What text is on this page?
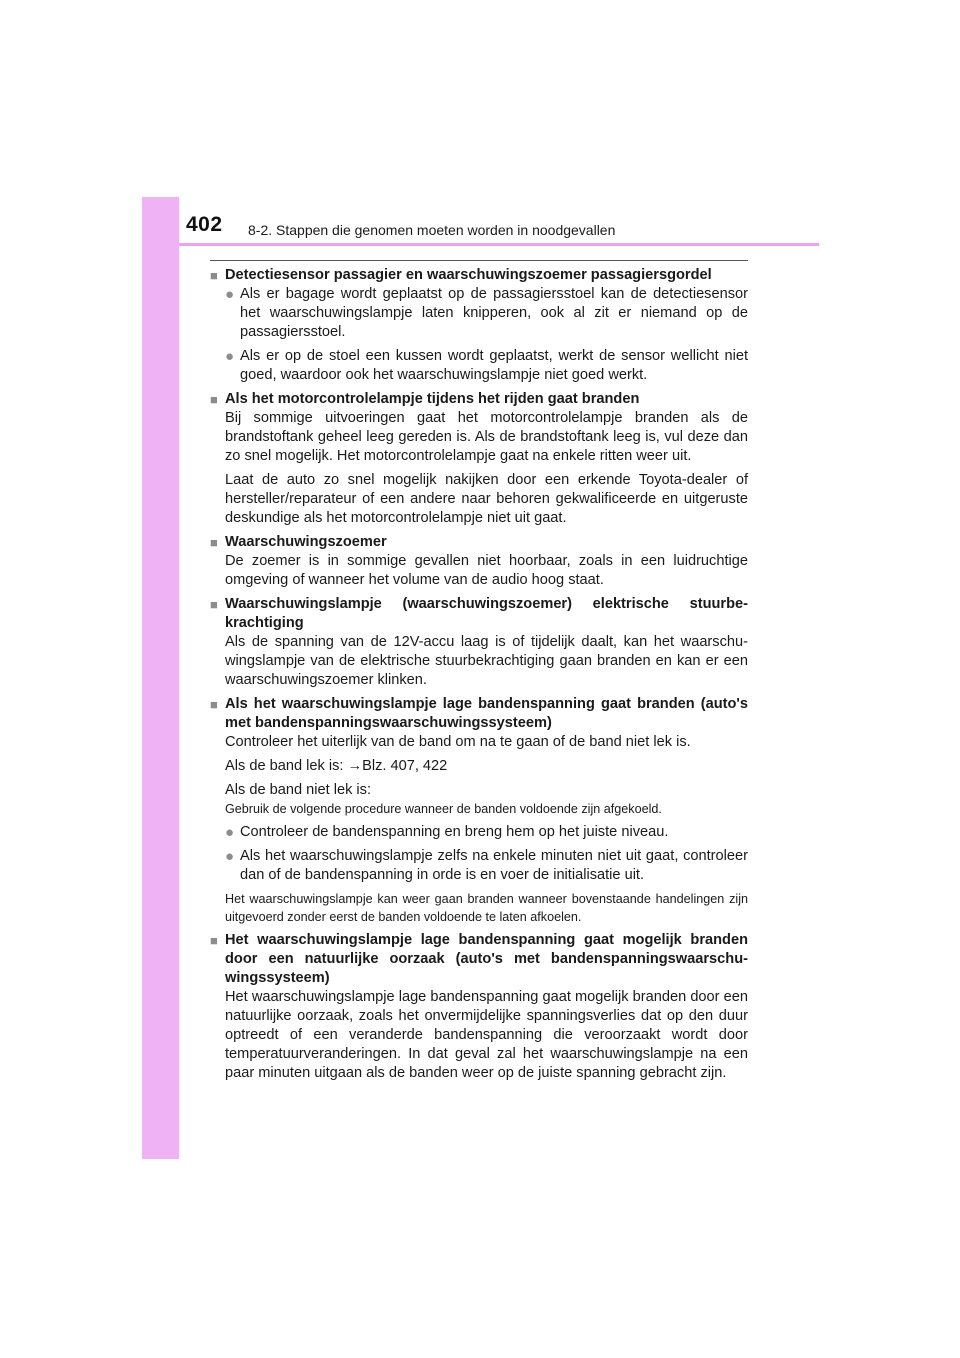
402 8-2. Stappen die genomen moeten worden in noodgevallen
■ Detectiesensor passagier en waarschuwingszoemer passagiersgordel
● Als er bagage wordt geplaatst op de passagiersstoel kan de detectiesensor het waarschuwingslampje laten knipperen, ook al zit er niemand op de passagiersstoel.
● Als er op de stoel een kussen wordt geplaatst, werkt de sensor wellicht niet goed, waardoor ook het waarschuwingslampje niet goed werkt.
■ Als het motorcontrolelampje tijdens het rijden gaat branden
Bij sommige uitvoeringen gaat het motorcontrolelampje branden als de brandstoftank geheel leeg gereden is. Als de brandstoftank leeg is, vul deze dan zo snel mogelijk. Het motorcontrolelampje gaat na enkele ritten weer uit.
Laat de auto zo snel mogelijk nakijken door een erkende Toyota-dealer of hersteller/reparateur of een andere naar behoren gekwalificeerde en uitgeruste deskundige als het motorcontrolelampje niet uit gaat.
■ Waarschuwingszoemer
De zoemer is in sommige gevallen niet hoorbaar, zoals in een luidruchtige omgeving of wanneer het volume van de audio hoog staat.
■ Waarschuwingslampje (waarschuwingszoemer) elektrische stuurbekrachtiging
Als de spanning van de 12V-accu laag is of tijdelijk daalt, kan het waarschuwingslampje van de elektrische stuurbekrachtiging gaan branden en kan er een waarschuwingszoemer klinken.
■ Als het waarschuwingslampje lage bandenspanning gaat branden (auto's met bandenspanningswaarschuwingssysteem)
Controleer het uiterlijk van de band om na te gaan of de band niet lek is.
Als de band lek is: →Blz. 407, 422
Als de band niet lek is:
Gebruik de volgende procedure wanneer de banden voldoende zijn afgekoeld.
● Controleer de bandenspanning en breng hem op het juiste niveau.
● Als het waarschuwingslampje zelfs na enkele minuten niet uit gaat, controleer dan of de bandenspanning in orde is en voer de initialisatie uit.
Het waarschuwingslampje kan weer gaan branden wanneer bovenstaande handelingen zijn uitgevoerd zonder eerst de banden voldoende te laten afkoelen.
■ Het waarschuwingslampje lage bandenspanning gaat mogelijk branden door een natuurlijke oorzaak (auto's met bandenspanningswaarschuwingssysteem)
Het waarschuwingslampje lage bandenspanning gaat mogelijk branden door een natuurlijke oorzaak, zoals het onvermijdelijke spanningsverlies dat op den duur optreedt of een veranderde bandenspanning die veroorzaakt wordt door temperatuurveranderingen. In dat geval zal het waarschuwingslampje na een paar minuten uitgaan als de banden weer op de juiste spanning gebracht zijn.
